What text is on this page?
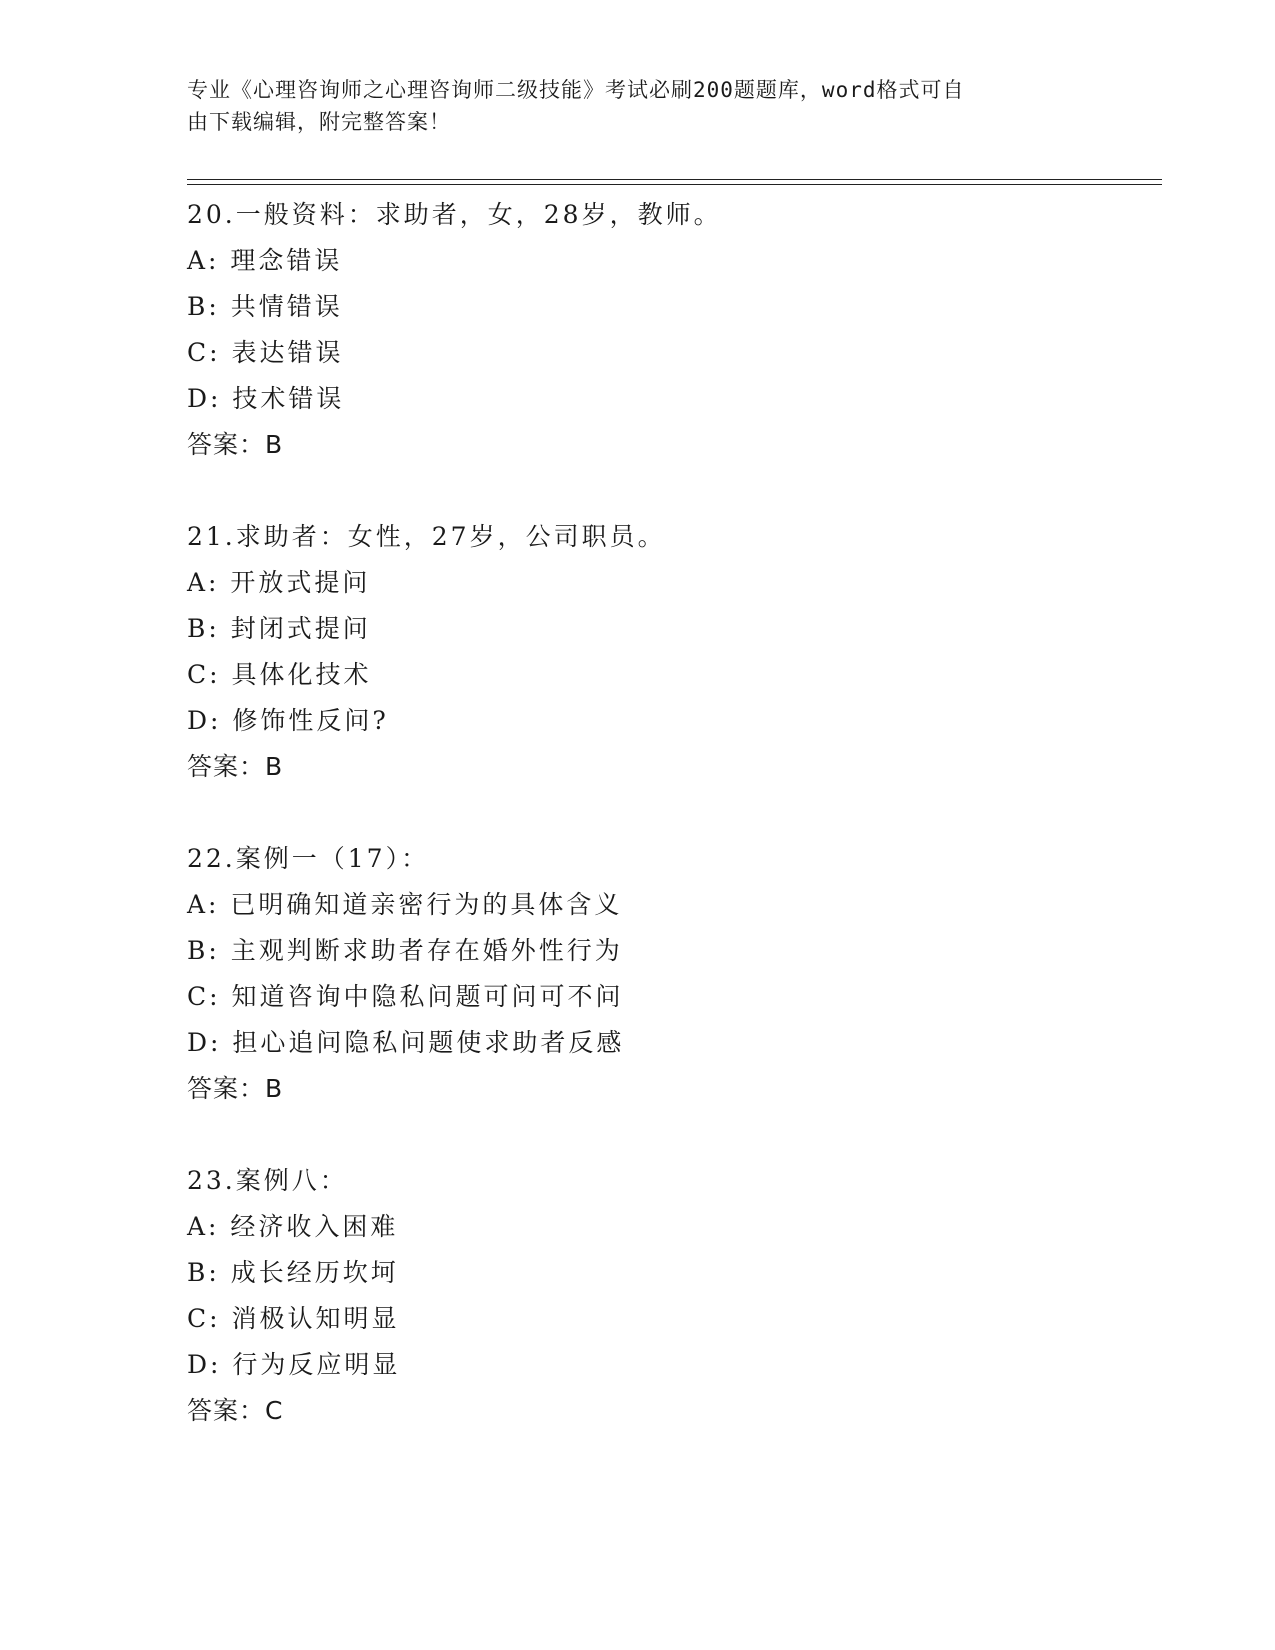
专业《心理咨询师之心理咨询师二级技能》考试必刷200题题库，word格式可自
由下载编辑，附完整答案！
20.一般资料：求助者，女，28岁，教师。
A: 理念错误
B: 共情错误
C: 表达错误
D: 技术错误
答案：B
21.求助者：女性，27岁，公司职员。
A: 开放式提问
B: 封闭式提问
C: 具体化技术
D: 修饰性反问?
答案：B
22.案例一（17）：
A: 已明确知道亲密行为的具体含义
B: 主观判断求助者存在婚外性行为
C: 知道咨询中隐私问题可问可不问
D: 担心追问隐私问题使求助者反感
答案：B
23.案例八：
A: 经济收入困难
B: 成长经历坎坷
C: 消极认知明显
D: 行为反应明显
答案：C
